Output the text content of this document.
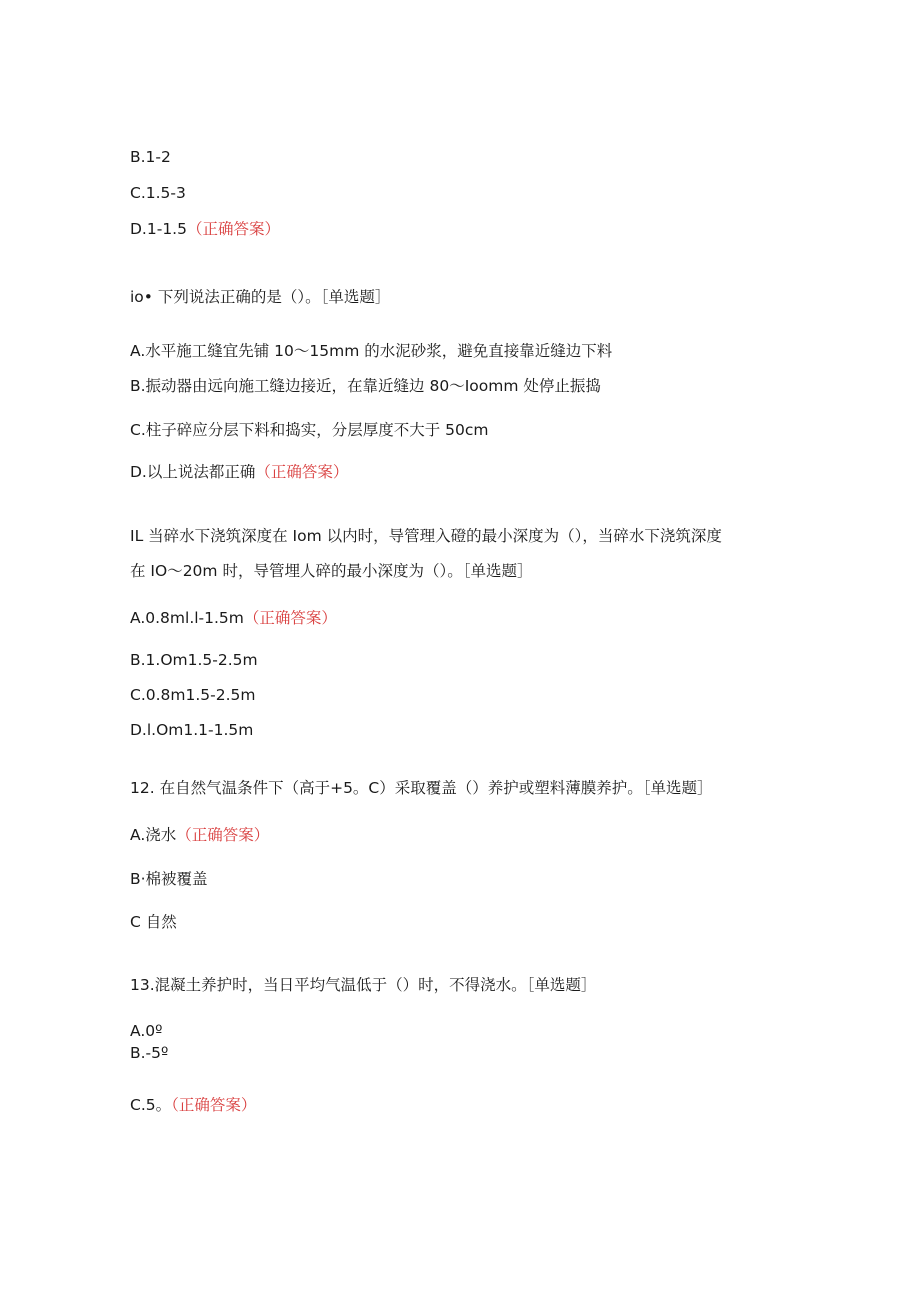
B.1-2
C.1.5-3
D.1-1.5（正确答案）
io• 下列说法正确的是（）。［单选题］
A.水平施工缝宜先铺 10～15mm 的水泥砂浆，避免直接靠近缝边下料
B.振动器由远向施工缝边接近，在靠近缝边 80～Ioomm 处停止振捣
C.柱子碎应分层下料和捣实，分层厚度不大于 50cm
D.以上说法都正确（正确答案）
IL 当碎水下浇筑深度在 Iom 以内时，导管理入磴的最小深度为（），当碎水下浇筑深度
在 IO～20m 时，导管埋人碎的最小深度为（）。［单选题］
A.0.8ml.l-1.5m（正确答案）
B.1.Om1.5-2.5m
C.0.8m1.5-2.5m
D.l.Om1.1-1.5m
12. 在自然气温条件下（高于+5。C）采取覆盖（）养护或塑料薄膜养护。［单选题］
A.浇水（正确答案）
B·棉被覆盖
C 自然
13.混凝土养护时，当日平均气温低于（）时，不得浇水。［单选题］
A.0º
B.-5º
C.5。（正确答案）
